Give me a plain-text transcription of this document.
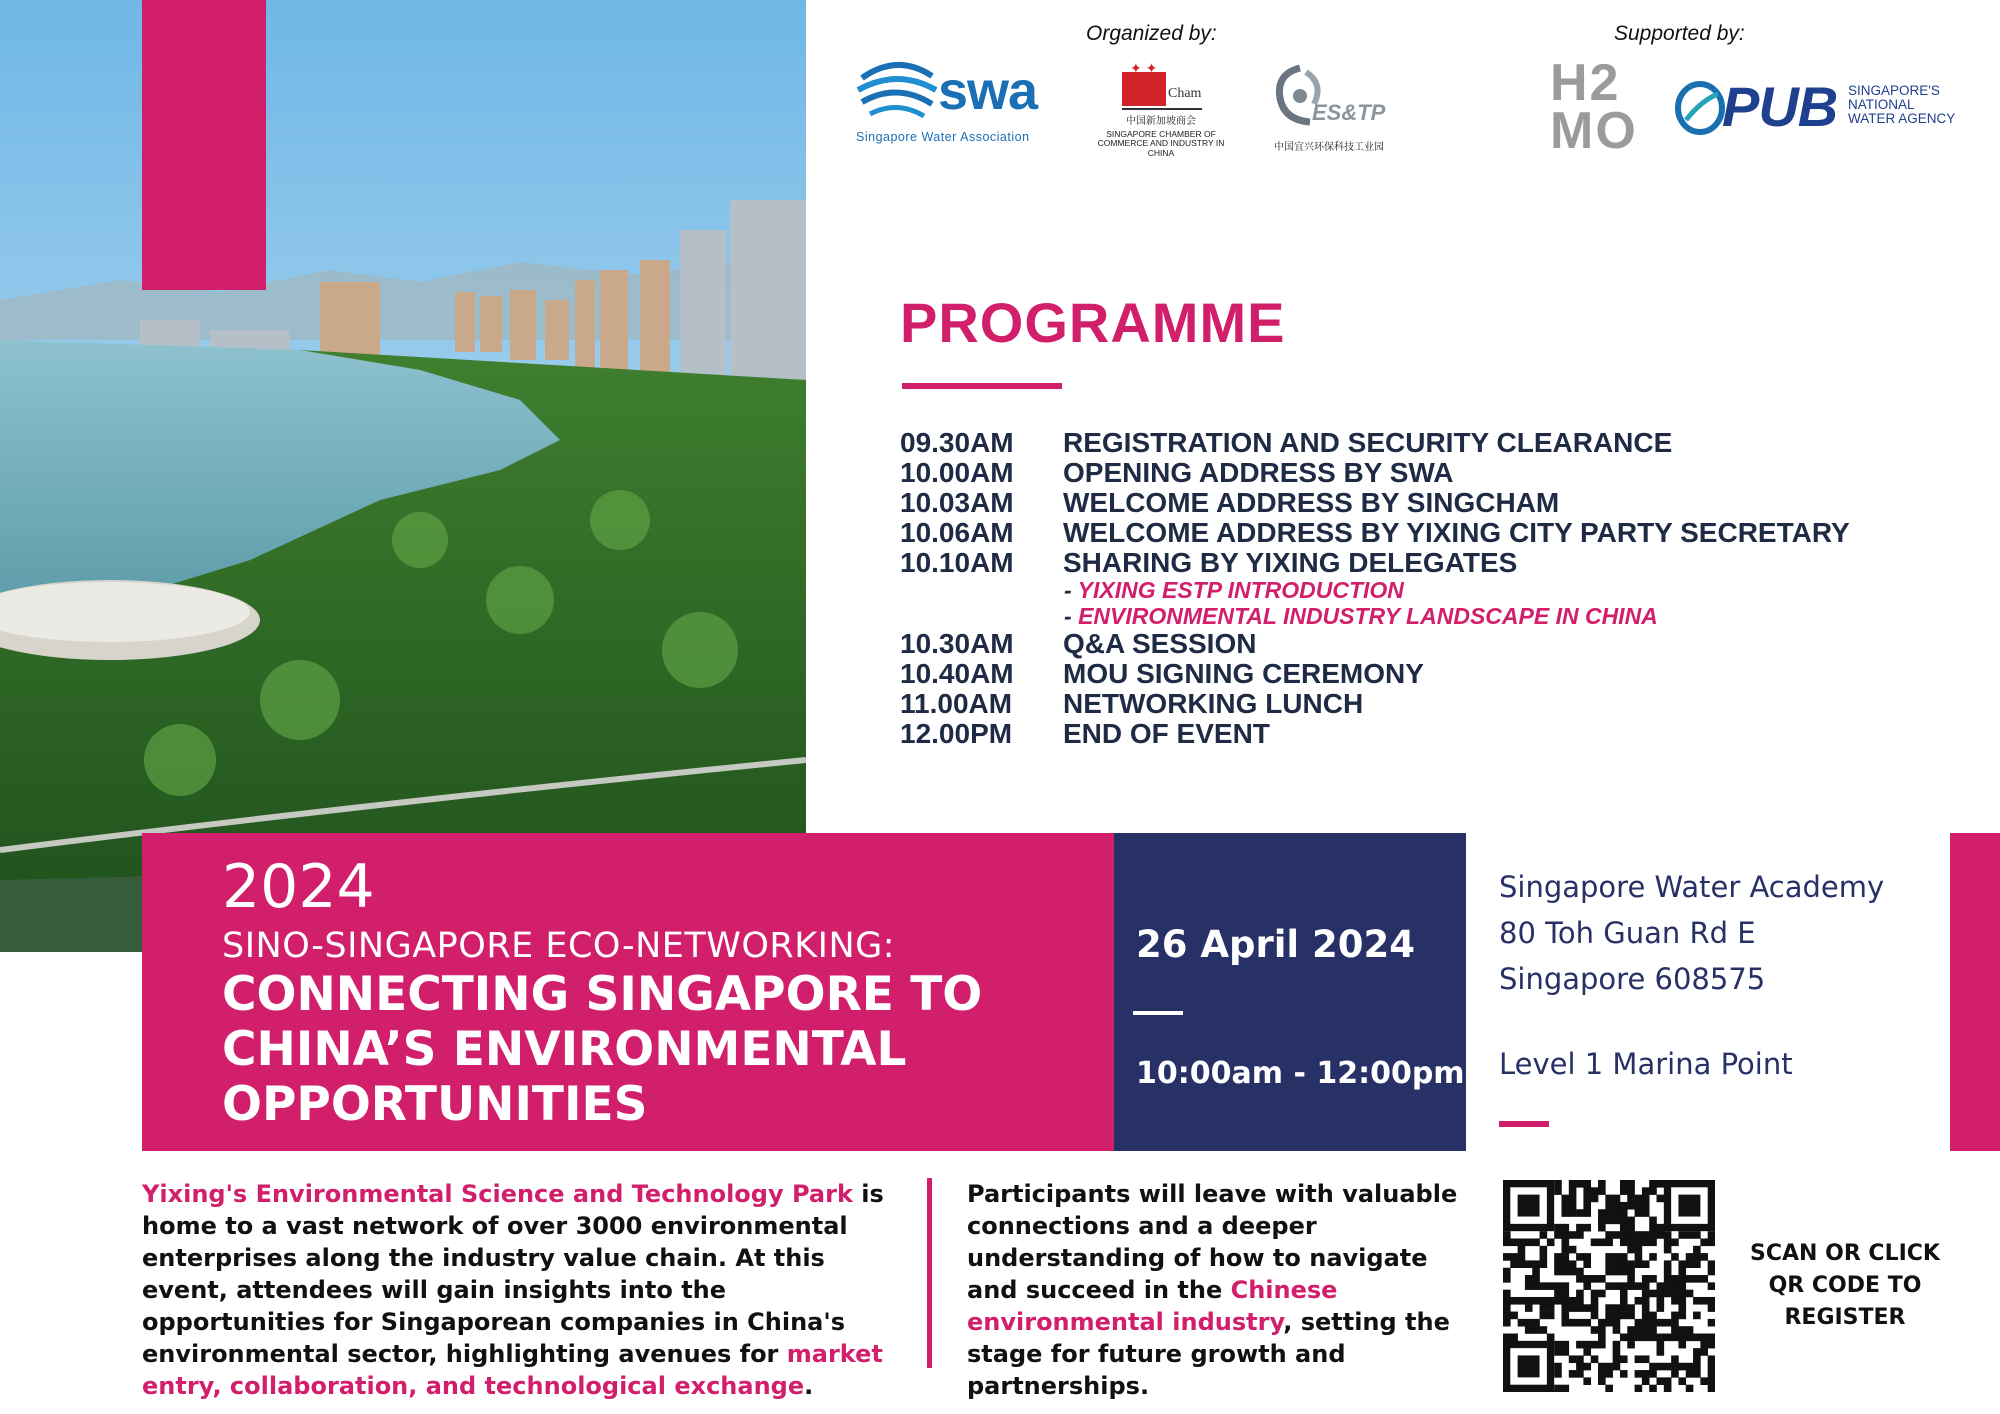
Organized by:	Supported by:
swa
Singapore Water Association
✦ ✦
Cham
中国新加坡商会
SINGAPORE CHAMBER OF COMMERCE AND INDUSTRY IN CHINA
ES&TP
中国宜兴环保科技工业园
H2
MO PUB SINGAPORE'S
NATIONAL
WATER AGENCY
PROGRAMME
09.30AM	REGISTRATION AND SECURITY CLEARANCE
10.00AM	OPENING ADDRESS BY SWA
10.03AM	WELCOME ADDRESS BY SINGCHAM
10.06AM	WELCOME ADDRESS BY YIXING CITY PARTY SECRETARY
10.10AM	SHARING BY YIXING DELEGATES
- YIXING ESTP INTRODUCTION
- ENVIRONMENTAL INDUSTRY LANDSCAPE IN CHINA
10.30AM	Q&A SESSION
10.40AM	MOU SIGNING CEREMONY
11.00AM	NETWORKING LUNCH
12.00PM	END OF EVENT
2024
SINO-SINGAPORE ECO-NETWORKING:
CONNECTING SINGAPORE TO
CHINA’S ENVIRONMENTAL
OPPORTUNITIES
26 April 2024
10:00am - 12:00pm
Singapore Water Academy
80 Toh Guan Rd E
Singapore 608575
Level 1 Marina Point
Yixing's Environmental Science and Technology Park is home to a vast network of over 3000 environmental enterprises along the industry value chain. At this event, attendees will gain insights into the opportunities for Singaporean companies in China's environmental sector, highlighting avenues for market entry, collaboration, and technological exchange.
Participants will leave with valuable connections and a deeper understanding of how to navigate and succeed in the Chinese environmental industry, setting the stage for future growth and partnerships.
SCAN OR CLICK
QR CODE TO
REGISTER
